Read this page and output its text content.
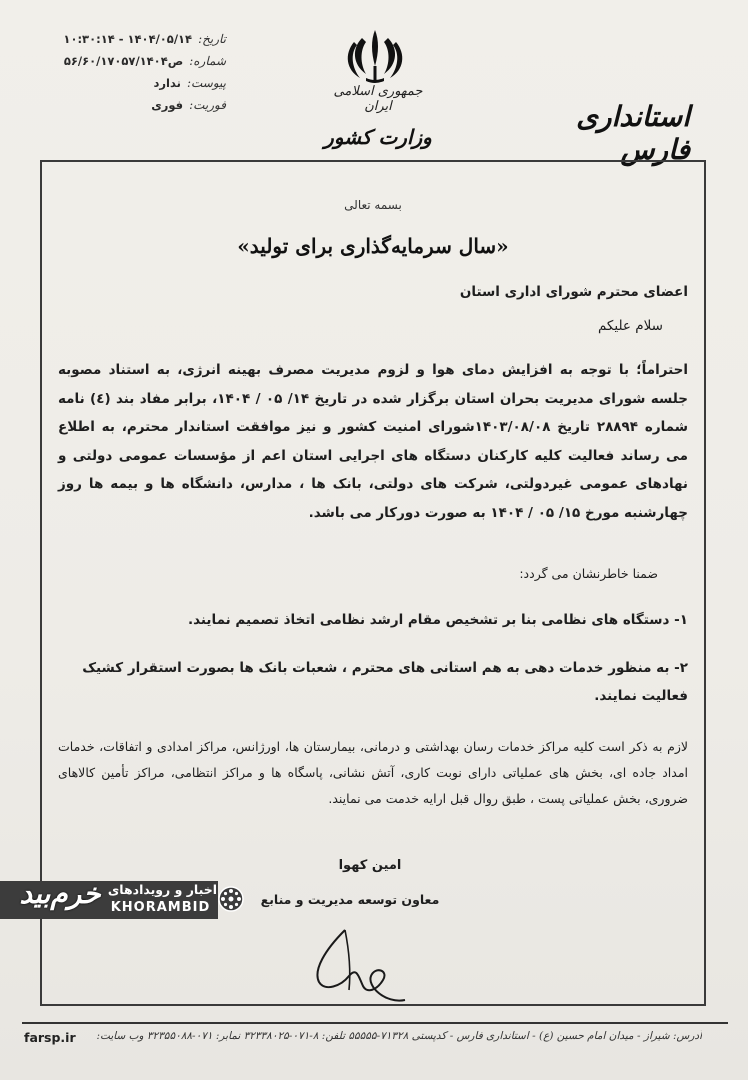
تاریخ:
۱۴۰۴/۰۵/۱۴ - ۱۰:۳۰:۱۴
شماره:
ص۵۶/۶۰/۱۷۰۵۷/۱۴۰۴
پیوست:
ندارد
فوریت:
فوری
جمهوری اسلامی ایران
وزارت کشور
استانداری فارس
بسمه تعالی
«سال سرمایه‌گذاری برای تولید»
اعضای محترم شورای اداری استان
سلام علیکم
احتراماً؛ با توجه به افزایش دمای هوا و لزوم مدیریت مصرف بهینه انرژی، به استناد مصوبه جلسه شورای مدیریت بحران استان برگزار شده در تاریخ ۱۴/ ۰۵ / ۱۴۰۴، برابر مفاد بند (٤) نامه شماره ۲۸۸۹۴ تاریخ ۱۴۰۳/۰۸/۰۸شورای امنیت کشور و نیز موافقت استاندار محترم، به اطلاع می رساند فعالیت کلیه کارکنان دستگاه های اجرایی استان اعم از مؤسسات عمومی دولتی و نهادهای عمومی غیردولتی، شرکت های دولتی، بانک ها ، مدارس، دانشگاه ها و بیمه ها روز چهارشنبه مورخ ۱۵/ ۰۵ / ۱۴۰۴ به صورت دورکار می باشد.
ضمنا خاطرنشان می گردد:
۱- دستگاه های نظامی بنا بر تشخیص مقام ارشد نظامی اتخاذ تصمیم نمایند.
۲- به منظور خدمات دهی به هم استانی های محترم ، شعبات بانک ها بصورت استقرار کشیک فعالیت نمایند.
لازم به ذکر است کلیه مراکز خدمات رسان بهداشتی و درمانی، بیمارستان ها، اورژانس، مراکز امدادی و اتفاقات، خدمات امداد جاده ای، بخش های عملیاتی دارای نوبت کاری، آتش نشانی، پاسگاه ها و مراکز انتظامی، مراکز تأمین کالاهای ضروری، بخش عملیاتی پست ، طبق روال قبل ارایه خدمت می نمایند.
امین کهوا
معاون توسعه مدیریت و منابع
اخبار و رویدادهای
KHORAMBID
خرم‌بید
farsp.ir	آدرس: شیراز - میدان امام حسین (ع) - استانداری فارس - کدپستی ۷۱۳۲۸-۵۵۵۵۵ تلفن: ۸-۰۷۱-۳۲۳۳۸۰۲۵ نمابر: ۰۷۱-۳۲۳۵۵۰۸۸ وب سایت:
